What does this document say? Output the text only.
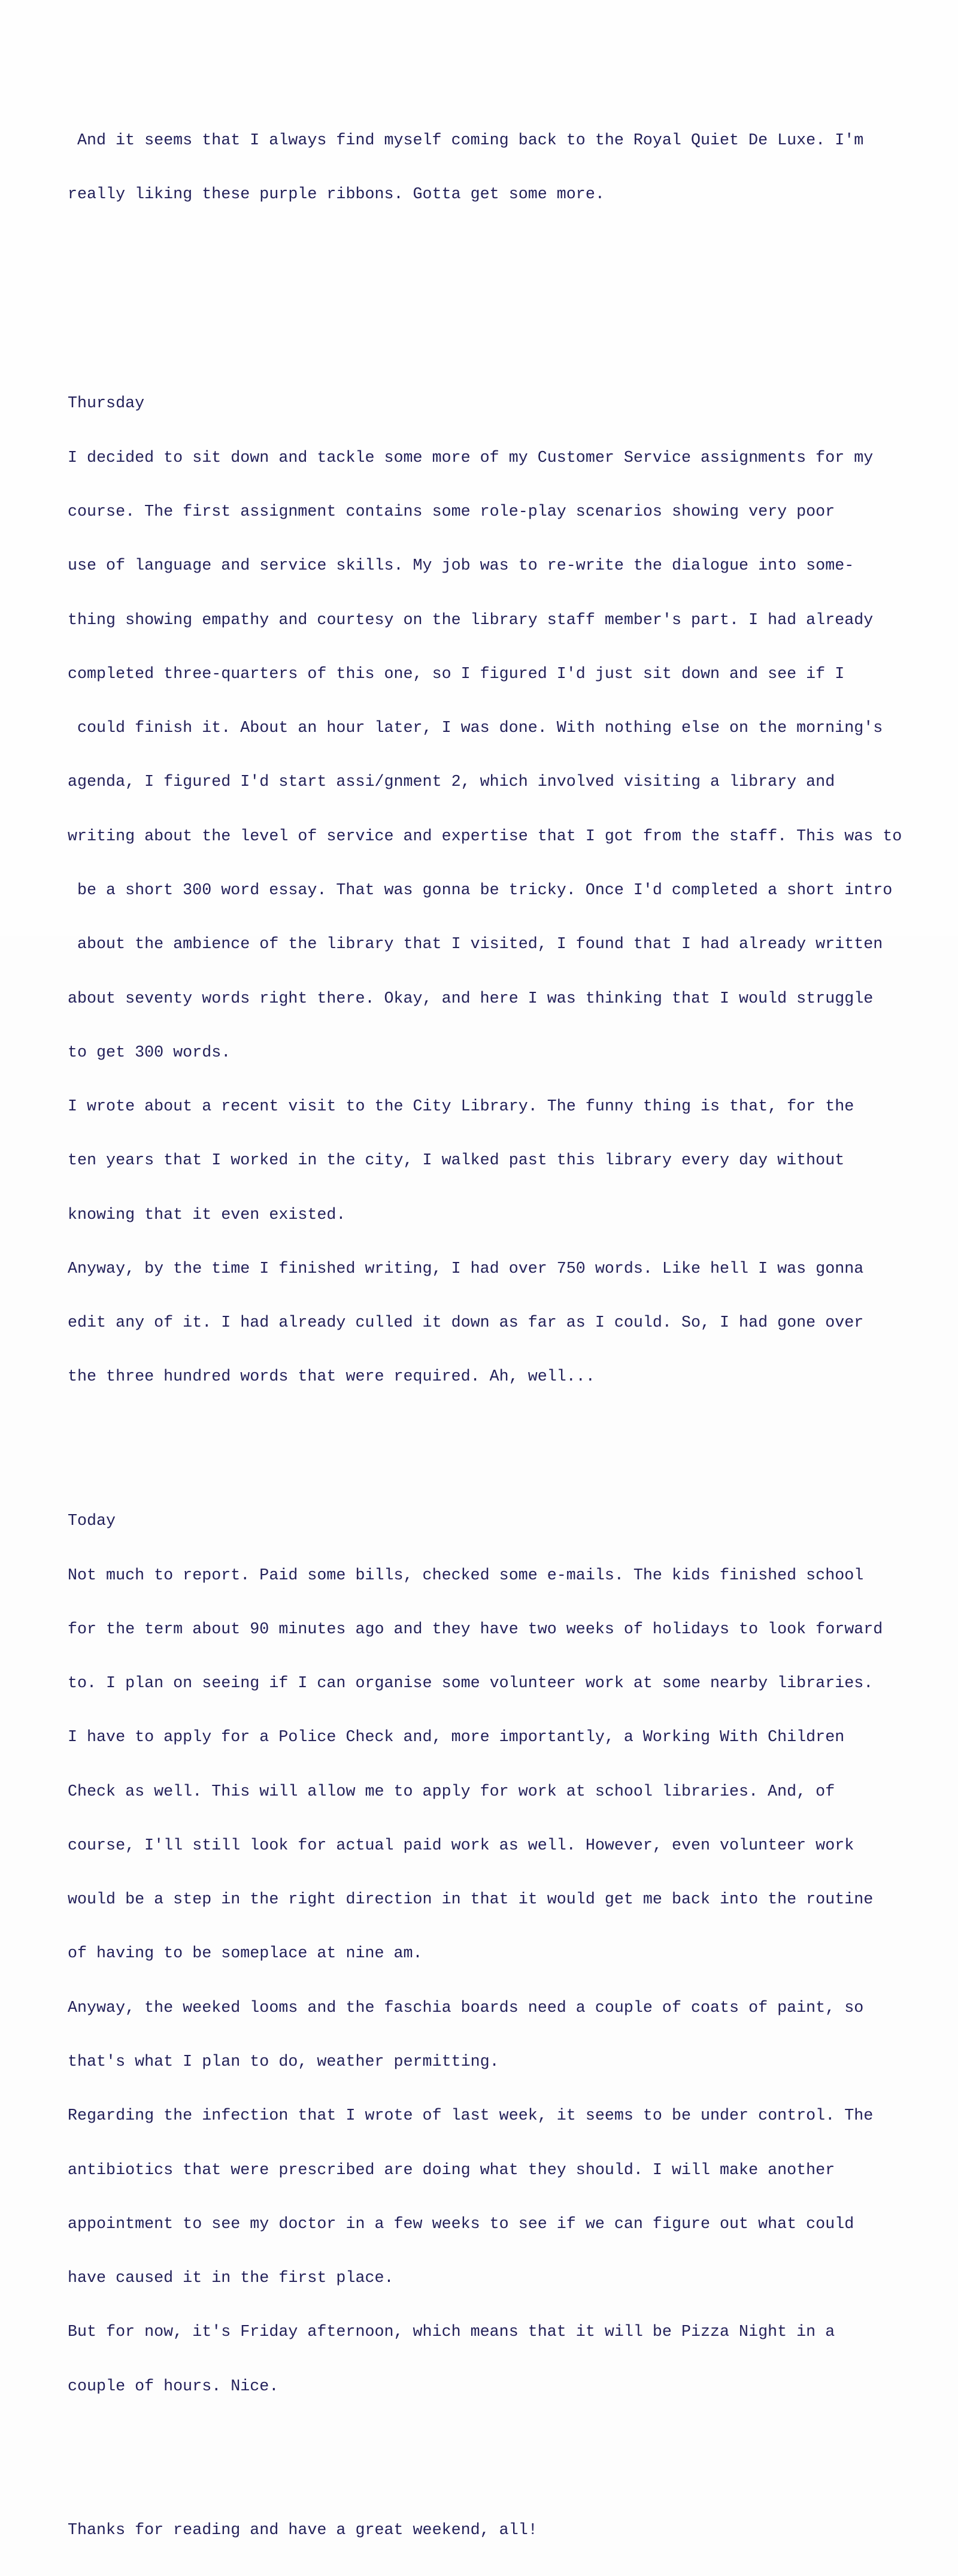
And it seems that I always find myself coming back to the Royal Quiet De Luxe. I'm

really liking these purple ribbons. Gotta get some more.

Thursday

I decided to sit down and tackle some more of my Customer Service assignments for my

course. The first assignment contains some role-play scenarios showing very poor

use of language and service skills. My job was to re-write the dialogue into some-

thing showing empathy and courtesy on the library staff member's part. I had already

completed three-quarters of this one, so I figured I'd just sit down and see if I

could finish it. About an hour later, I was done. With nothing else on the morning's

agenda, I figured I'd start assi/gnment 2, which involved visiting a library and

writing about the level of service and expertise that I got from the staff. This was to

be a short 300 word essay. That was gonna be tricky. Once I'd completed a short intro

about the ambience of the library that I visited, I found that I had already written

about seventy words right there. Okay, and here I was thinking that I would struggle

to get 300 words.

I wrote about a recent visit to the City Library. The funny thing is that, for the

ten years that I worked in the city, I walked past this library every day without

knowing that it even existed.

Anyway, by the time I finished writing, I had over 750 words. Like hell I was gonna

edit any of it. I had already culled it down as far as I could. So, I had gone over

the three hundred words that were required. Ah, well...

Today

Not much to report. Paid some bills, checked some e-mails. The kids finished school

for the term about 90 minutes ago and they have two weeks of holidays to look forward

to. I plan on seeing if I can organise some volunteer work at some nearby libraries.

I have to apply for a Police Check and, more importantly, a Working With Children

Check as well. This will allow me to apply for work at school libraries. And, of

course, I'll still look for actual paid work as well. However, even volunteer work

would be a step in the right direction in that it would get me back into the routine

of having to be someplace at nine am.

Anyway, the weeked looms and the faschia boards need a couple of coats of paint, so

that's what I plan to do, weather permitting.

Regarding the infection that I wrote of last week, it seems to be under control. The

antibiotics that were prescribed are doing what they should. I will make another

appointment to see my doctor in a few weeks to see if we can figure out what could

have caused it in the first place.

But for now, it's Friday afternoon, which means that it will be Pizza Night in a

couple of hours. Nice.

Thanks for reading and have a great weekend, all!
